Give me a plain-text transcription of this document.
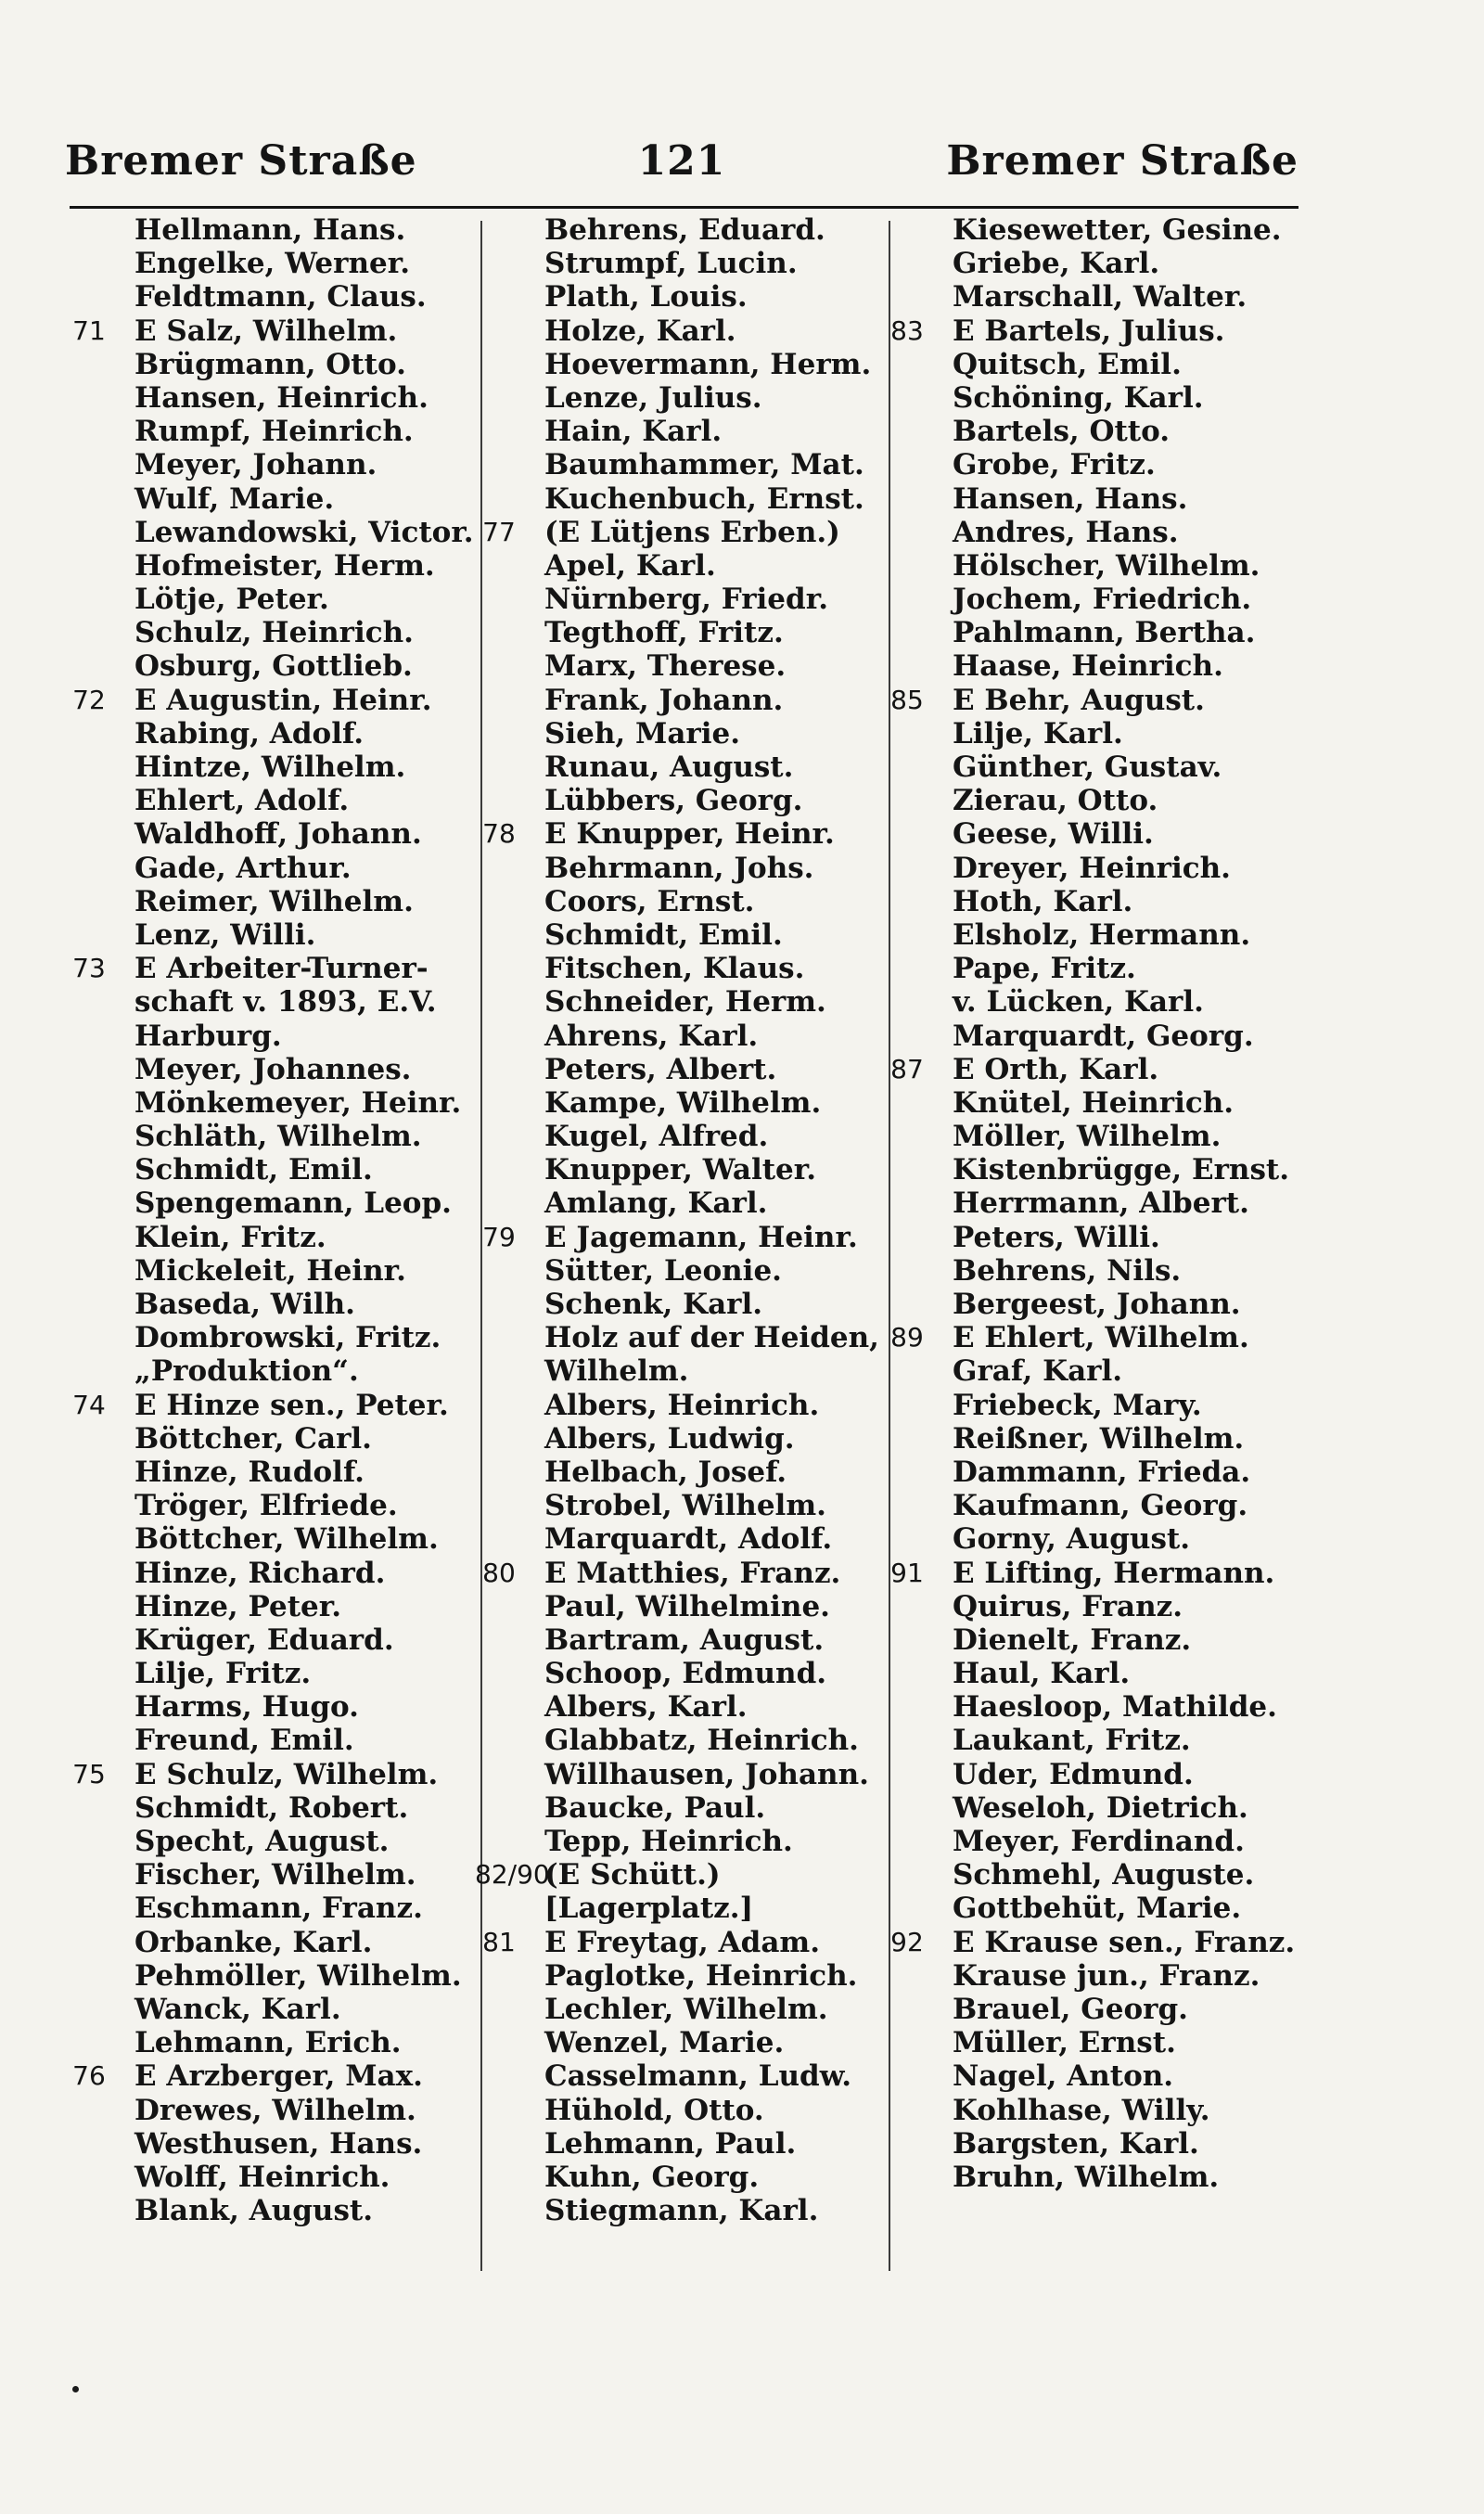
Bremer Straße	121	Bremer Straße
Hellmann, Hans.
Engelke, Werner.
Feldtmann, Claus.
71 E Salz, Wilhelm.
Brügmann, Otto.
Hansen, Heinrich.
Rumpf, Heinrich.
Meyer, Johann.
Wulf, Marie.
Lewandowski, Victor.
Hofmeister, Herm.
Lötje, Peter.
Schulz, Heinrich.
Osburg, Gottlieb.
72 E Augustin, Heinr.
Rabing, Adolf.
Hintze, Wilhelm.
Ehlert, Adolf.
Waldhoff, Johann.
Gade, Arthur.
Reimer, Wilhelm.
Lenz, Willi.
73 E Arbeiter-Turner-
schaft v. 1893, E.V.
Harburg.
Meyer, Johannes.
Mönkemeyer, Heinr.
Schläth, Wilhelm.
Schmidt, Emil.
Spengemann, Leop.
Klein, Fritz.
Mickeleit, Heinr.
Baseda, Wilh.
Dombrowski, Fritz.
„Produktion“.
74 E Hinze sen., Peter.
Böttcher, Carl.
Hinze, Rudolf.
Tröger, Elfriede.
Böttcher, Wilhelm.
Hinze, Richard.
Hinze, Peter.
Krüger, Eduard.
Lilje, Fritz.
Harms, Hugo.
Freund, Emil.
75 E Schulz, Wilhelm.
Schmidt, Robert.
Specht, August.
Fischer, Wilhelm.
Eschmann, Franz.
Orbanke, Karl.
Pehmöller, Wilhelm.
Wanck, Karl.
Lehmann, Erich.
76 E Arzberger, Max.
Drewes, Wilhelm.
Westhusen, Hans.
Wolff, Heinrich.
Blank, August.
Behrens, Eduard.
Strumpf, Lucin.
Plath, Louis.
Holze, Karl.
Hoevermann, Herm.
Lenze, Julius.
Hain, Karl.
Baumhammer, Mat.
Kuchenbuch, Ernst.
77 (E Lütjens Erben.)
Apel, Karl.
Nürnberg, Friedr.
Tegthoff, Fritz.
Marx, Therese.
Frank, Johann.
Sieh, Marie.
Runau, August.
Lübbers, Georg.
78 E Knupper, Heinr.
Behrmann, Johs.
Coors, Ernst.
Schmidt, Emil.
Fitschen, Klaus.
Schneider, Herm.
Ahrens, Karl.
Peters, Albert.
Kampe, Wilhelm.
Kugel, Alfred.
Knupper, Walter.
Amlang, Karl.
79 E Jagemann, Heinr.
Sütter, Leonie.
Schenk, Karl.
Holz auf der Heiden,
Wilhelm.
Albers, Heinrich.
Albers, Ludwig.
Helbach, Josef.
Strobel, Wilhelm.
Marquardt, Adolf.
80 E Matthies, Franz.
Paul, Wilhelmine.
Bartram, August.
Schoop, Edmund.
Albers, Karl.
Glabbatz, Heinrich.
Willhausen, Johann.
Baucke, Paul.
Tepp, Heinrich.
82/90
(E Schütt.)
[Lagerplatz.]
81 E Freytag, Adam.
Paglotke, Heinrich.
Lechler, Wilhelm.
Wenzel, Marie.
Casselmann, Ludw.
Hühold, Otto.
Lehmann, Paul.
Kuhn, Georg.
Stiegmann, Karl.
Kiesewetter, Gesine.
Griebe, Karl.
Marschall, Walter.
83 E Bartels, Julius.
Quitsch, Emil.
Schöning, Karl.
Bartels, Otto.
Grobe, Fritz.
Hansen, Hans.
Andres, Hans.
Hölscher, Wilhelm.
Jochem, Friedrich.
Pahlmann, Bertha.
Haase, Heinrich.
85 E Behr, August.
Lilje, Karl.
Günther, Gustav.
Zierau, Otto.
Geese, Willi.
Dreyer, Heinrich.
Hoth, Karl.
Elsholz, Hermann.
Pape, Fritz.
v. Lücken, Karl.
Marquardt, Georg.
87 E Orth, Karl.
Knütel, Heinrich.
Möller, Wilhelm.
Kistenbrügge, Ernst.
Herrmann, Albert.
Peters, Willi.
Behrens, Nils.
Bergeest, Johann.
89 E Ehlert, Wilhelm.
Graf, Karl.
Friebeck, Mary.
Reißner, Wilhelm.
Dammann, Frieda.
Kaufmann, Georg.
Gorny, August.
91 E Lifting, Hermann.
Quirus, Franz.
Dienelt, Franz.
Haul, Karl.
Haesloop, Mathilde.
Laukant, Fritz.
Uder, Edmund.
Weseloh, Dietrich.
Meyer, Ferdinand.
Schmehl, Auguste.
Gottbehüt, Marie.
92 E Krause sen., Franz.
Krause jun., Franz.
Brauel, Georg.
Müller, Ernst.
Nagel, Anton.
Kohlhase, Willy.
Bargsten, Karl.
Bruhn, Wilhelm.
